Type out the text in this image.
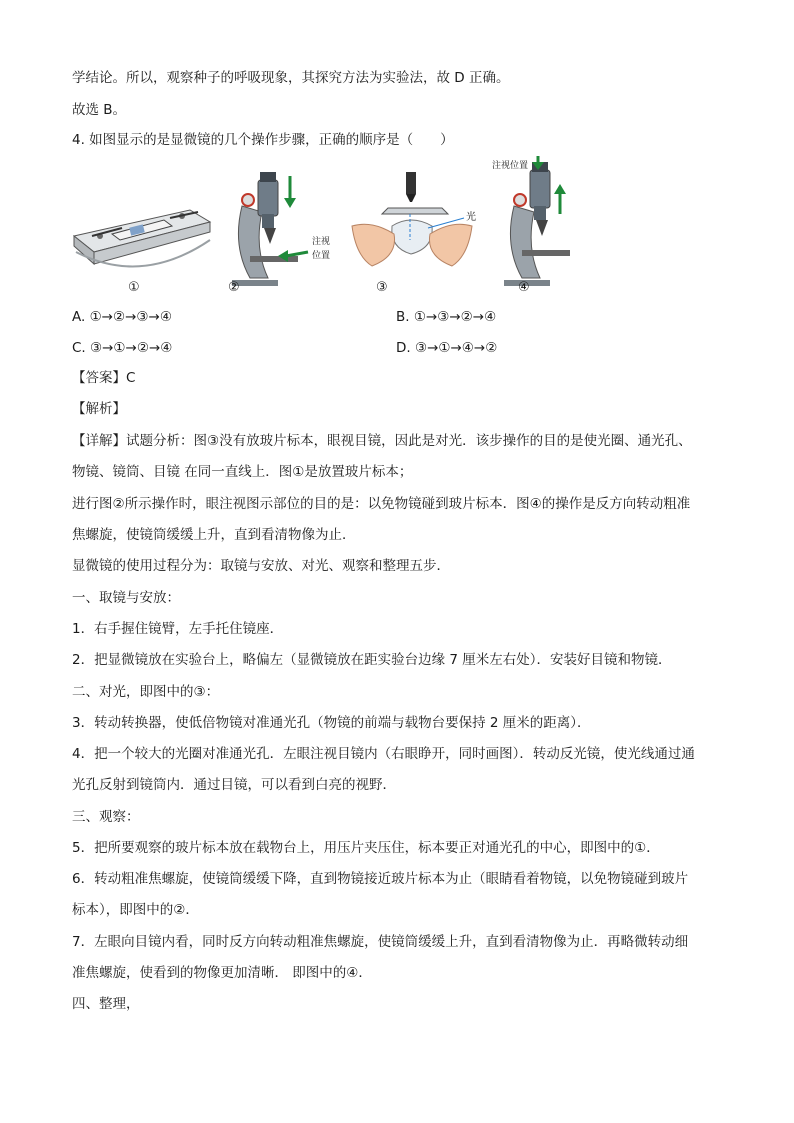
学结论。所以，观察种子的呼吸现象，其探究方法为实验法，故 D 正确。
故选 B。
4. 如图显示的是显微镜的几个操作步骤，正确的顺序是（　　）
①	②	③	④
注视
位置
注视位置
光
A. ①→②→③→④	B. ①→③→②→④
C. ③→①→②→④	D. ③→①→④→②
【答案】C
【解析】
【详解】试题分析：图③没有放玻片标本，眼视目镜，因此是对光．该步操作的目的是使光圈、通光孔、
物镜、镜筒、目镜 在同一直线上．图①是放置玻片标本；
进行图②所示操作时，眼注视图示部位的目的是：以免物镜碰到玻片标本．图④的操作是反方向转动粗准
焦螺旋，使镜筒缓缓上升，直到看清物像为止．
显微镜的使用过程分为：取镜与安放、对光、观察和整理五步．
一、取镜与安放：
1．右手握住镜臂，左手托住镜座．
2．把显微镜放在实验台上，略偏左（显微镜放在距实验台边缘 7 厘米左右处）．安装好目镜和物镜．
二、对光，即图中的③：
3．转动转换器，使低倍物镜对准通光孔（物镜的前端与载物台要保持 2 厘米的距离）．
4．把一个较大的光圈对准通光孔．左眼注视目镜内（右眼睁开，同时画图）．转动反光镜，使光线通过通
光孔反射到镜筒内．通过目镜，可以看到白亮的视野．
三、观察：
5．把所要观察的玻片标本放在载物台上，用压片夹压住，标本要正对通光孔的中心，即图中的①．
6．转动粗准焦螺旋，使镜筒缓缓下降，直到物镜接近玻片标本为止（眼睛看着物镜，以免物镜碰到玻片
标本），即图中的②．
7．左眼向目镜内看，同时反方向转动粗准焦螺旋，使镜筒缓缓上升，直到看清物像为止．再略微转动细
准焦螺旋，使看到的物像更加清晰． 即图中的④．
四、整理，
